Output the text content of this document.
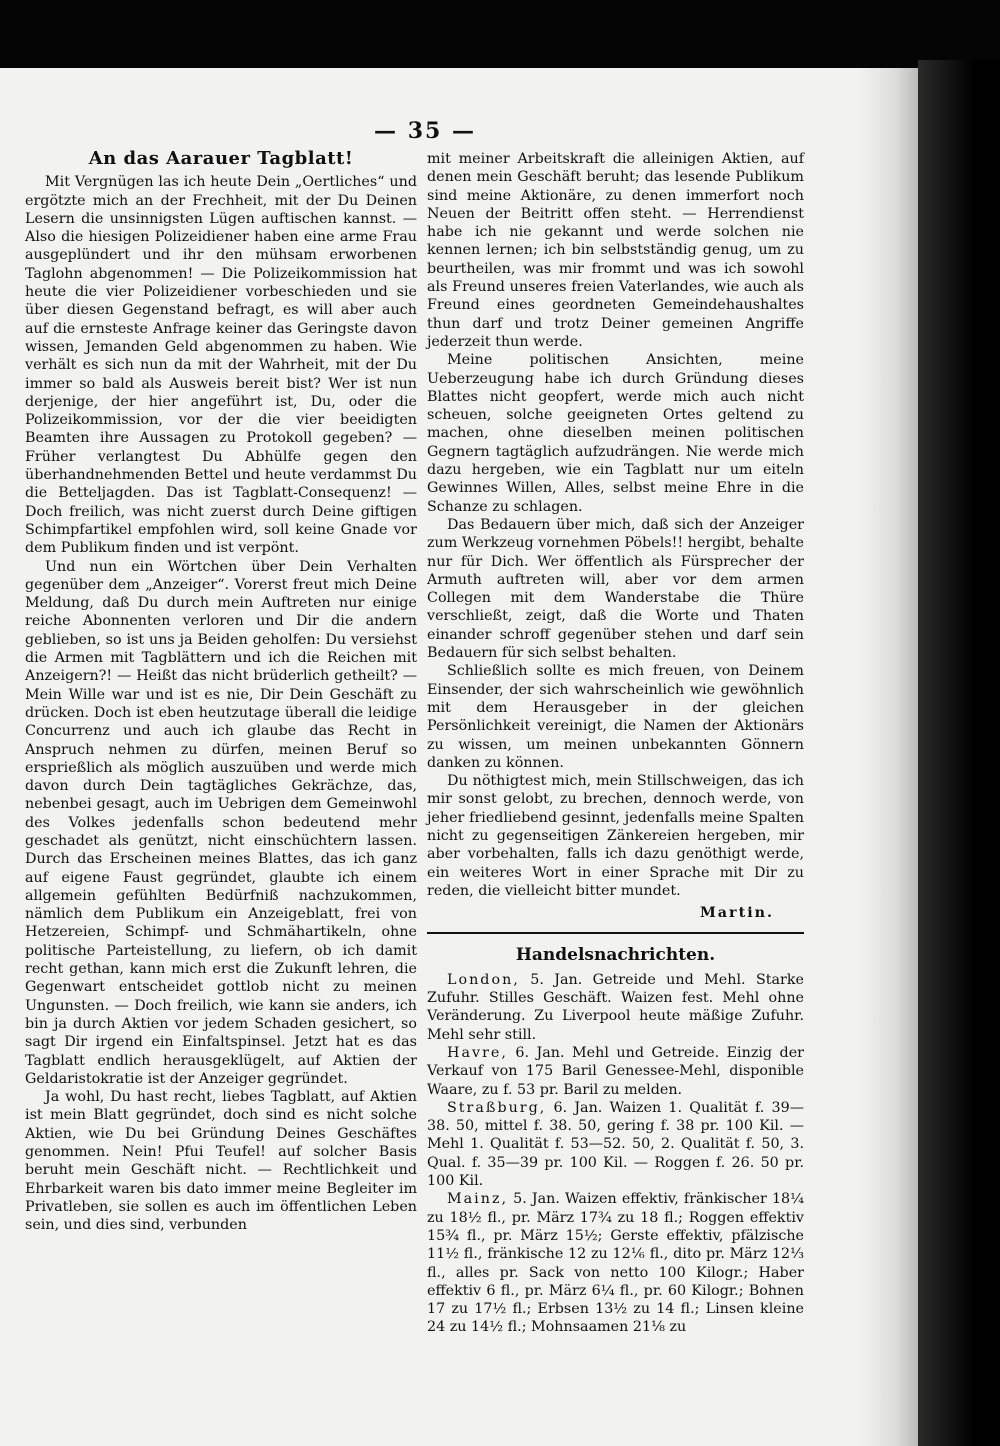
— 35 —
An das Aarauer Tagblatt!

Mit Vergnügen las ich heute Dein „Oertliches“ und ergötzte mich an der Frechheit, mit der Du Deinen Lesern die unsinnigsten Lügen auftischen kannst. — Also die hiesigen Polizeidiener haben eine arme Frau ausgeplündert und ihr den mühsam erworbenen Taglohn abgenommen! — Die Polizeikommission hat heute die vier Polizeidiener vorbeschieden und sie über diesen Gegenstand befragt, es will aber auch auf die ernsteste Anfrage keiner das Geringste davon wissen, Jemanden Geld abgenommen zu haben. Wie verhält es sich nun da mit der Wahrheit, mit der Du immer so bald als Ausweis bereit bist? Wer ist nun derjenige, der hier angeführt ist, Du, oder die Polizeikommission, vor der die vier beeidigten Beamten ihre Aussagen zu Protokoll gegeben? — Früher verlangtest Du Abhülfe gegen den überhandnehmenden Bettel und heute verdammst Du die Betteljagden. Das ist Tagblatt-Consequenz! — Doch freilich, was nicht zuerst durch Deine giftigen Schimpfartikel empfohlen wird, soll keine Gnade vor dem Publikum finden und ist verpönt.

Und nun ein Wörtchen über Dein Verhalten gegenüber dem „Anzeiger“. Vorerst freut mich Deine Meldung, daß Du durch mein Auftreten nur einige reiche Abonnenten verloren und Dir die andern geblieben, so ist uns ja Beiden geholfen: Du versiehst die Armen mit Tagblättern und ich die Reichen mit Anzeigern?! — Heißt das nicht brüderlich getheilt? — Mein Wille war und ist es nie, Dir Dein Geschäft zu drücken. Doch ist eben heutzutage überall die leidige Concurrenz und auch ich glaube das Recht in Anspruch nehmen zu dürfen, meinen Beruf so ersprießlich als möglich auszuüben und werde mich davon durch Dein tagtägliches Gekrächze, das, nebenbei gesagt, auch im Uebrigen dem Gemeinwohl des Volkes jedenfalls schon bedeutend mehr geschadet als genützt, nicht einschüchtern lassen. Durch das Erscheinen meines Blattes, das ich ganz auf eigene Faust gegründet, glaubte ich einem allgemein gefühlten Bedürfniß nachzukommen, nämlich dem Publikum ein Anzeigeblatt, frei von Hetzereien, Schimpf- und Schmähartikeln, ohne politische Parteistellung, zu liefern, ob ich damit recht gethan, kann mich erst die Zukunft lehren, die Gegenwart entscheidet gottlob nicht zu meinen Ungunsten. — Doch freilich, wie kann sie anders, ich bin ja durch Aktien vor jedem Schaden gesichert, so sagt Dir irgend ein Einfaltspinsel. Jetzt hat es das Tagblatt endlich herausgeklügelt, auf Aktien der Geldaristokratie ist der Anzeiger gegründet.

Ja wohl, Du hast recht, liebes Tagblatt, auf Aktien ist mein Blatt gegründet, doch sind es nicht solche Aktien, wie Du bei Gründung Deines Geschäftes genommen. Nein! Pfui Teufel! auf solcher Basis beruht mein Geschäft nicht. — Rechtlichkeit und Ehrbarkeit waren bis dato immer meine Begleiter im Privatleben, sie sollen es auch im öffentlichen Leben sein, und dies sind, verbunden

mit meiner Arbeitskraft die alleinigen Aktien, auf denen mein Geschäft beruht; das lesende Publikum sind meine Aktionäre, zu denen immerfort noch Neuen der Beitritt offen steht. — Herrendienst habe ich nie gekannt und werde solchen nie kennen lernen; ich bin selbstständig genug, um zu beurtheilen, was mir frommt und was ich sowohl als Freund unseres freien Vaterlandes, wie auch als Freund eines geordneten Gemeindehaushaltes thun darf und trotz Deiner gemeinen Angriffe jederzeit thun werde.

Meine politischen Ansichten, meine Ueberzeugung habe ich durch Gründung dieses Blattes nicht geopfert, werde mich auch nicht scheuen, solche geeigneten Ortes geltend zu machen, ohne dieselben meinen politischen Gegnern tagtäglich aufzudrängen. Nie werde mich dazu hergeben, wie ein Tagblatt nur um eiteln Gewinnes Willen, Alles, selbst meine Ehre in die Schanze zu schlagen.

Das Bedauern über mich, daß sich der Anzeiger zum Werkzeug vornehmen Pöbels!! hergibt, behalte nur für Dich. Wer öffentlich als Fürsprecher der Armuth auftreten will, aber vor dem armen Collegen mit dem Wanderstabe die Thüre verschließt, zeigt, daß die Worte und Thaten einander schroff gegenüber stehen und darf sein Bedauern für sich selbst behalten.

Schließlich sollte es mich freuen, von Deinem Einsender, der sich wahrscheinlich wie gewöhnlich mit dem Herausgeber in der gleichen Persönlichkeit vereinigt, die Namen der Aktionärs zu wissen, um meinen unbekannten Gönnern danken zu können.

Du nöthigtest mich, mein Stillschweigen, das ich mir sonst gelobt, zu brechen, dennoch werde, von jeher friedliebend gesinnt, jedenfalls meine Spalten nicht zu gegenseitigen Zänkereien hergeben, mir aber vorbehalten, falls ich dazu genöthigt werde, ein weiteres Wort in einer Sprache mit Dir zu reden, die vielleicht bitter mundet.

Martin.
Handelsnachrichten.

London, 5. Jan. Getreide und Mehl. Starke Zufuhr. Stilles Geschäft. Waizen fest. Mehl ohne Veränderung. Zu Liverpool heute mäßige Zufuhr. Mehl sehr still.

Havre, 6. Jan. Mehl und Getreide. Einzig der Verkauf von 175 Baril Genessee-Mehl, disponible Waare, zu f. 53 pr. Baril zu melden.

Straßburg, 6. Jan. Waizen 1. Qualität f. 39—38. 50, mittel f. 38. 50, gering f. 38 pr. 100 Kil. — Mehl 1. Qualität f. 53—52. 50, 2. Qualität f. 50, 3. Qual. f. 35—39 pr. 100 Kil. — Roggen f. 26. 50 pr. 100 Kil.

Mainz, 5. Jan. Waizen effektiv, fränkischer 18¼ zu 18½ fl., pr. März 17¾ zu 18 fl.; Roggen effektiv 15¾ fl., pr. März 15½; Gerste effektiv, pfälzische 11½ fl., fränkische 12 zu 12⅙ fl., dito pr. März 12⅓ fl., alles pr. Sack von netto 100 Kilogr.; Haber effektiv 6 fl., pr. März 6¼ fl., pr. 60 Kilogr.; Bohnen 17 zu 17½ fl.; Erbsen 13½ zu 14 fl.; Linsen kleine 24 zu 14½ fl.; Mohnsaamen 21⅛ zu
